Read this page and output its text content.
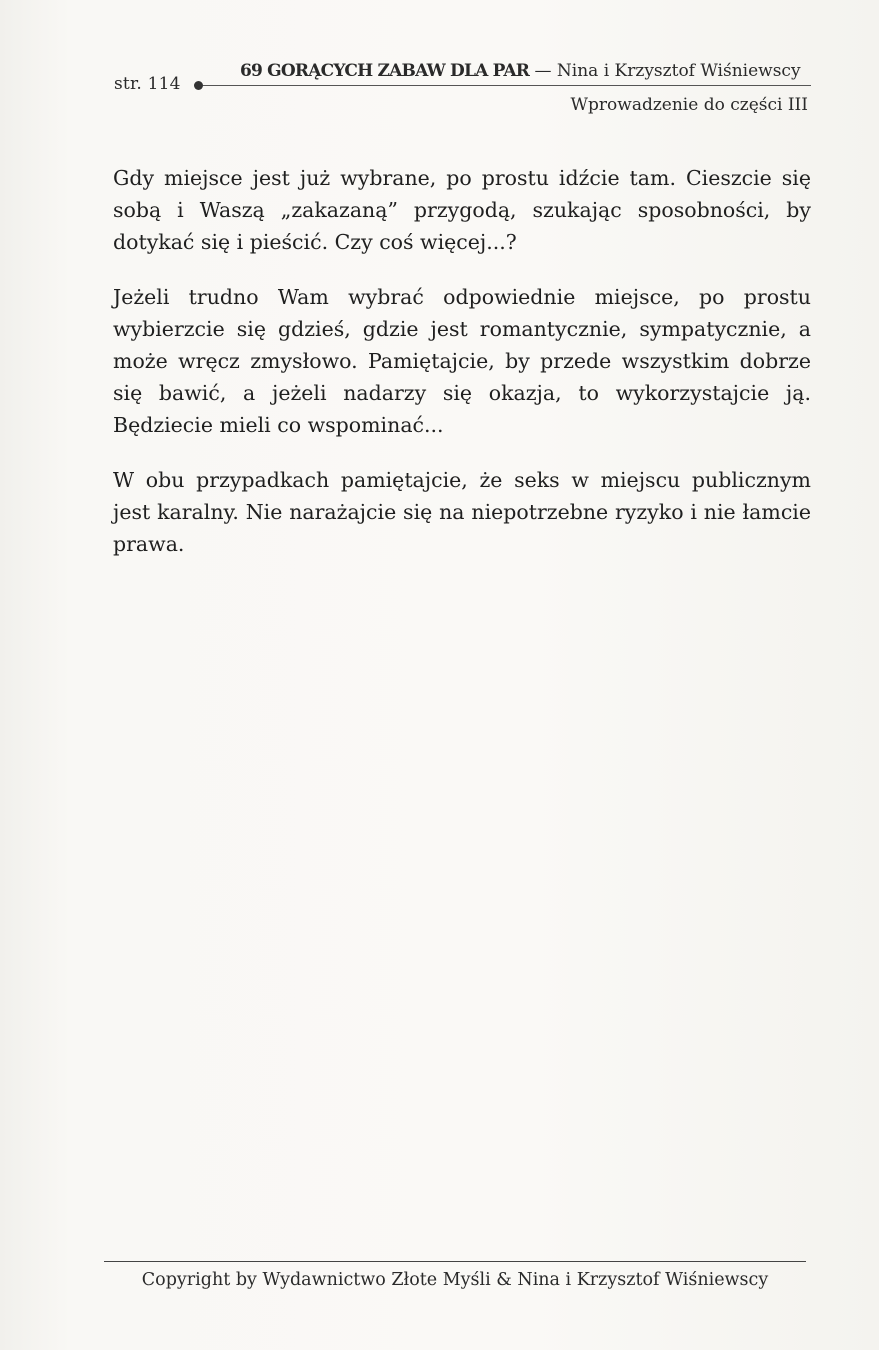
str. 114
69 GORĄCYCH ZABAW DLA PAR — Nina i Krzysztof Wiśniewscy
Wprowadzenie do części III

Gdy miejsce jest już wybrane, po prostu idźcie tam. Cieszcie się sobą i Waszą „zakazaną” przygodą, szukając sposobności, by dotykać się i pieścić. Czy coś więcej...?

Jeżeli trudno Wam wybrać odpowiednie miejsce, po prostu wybierzcie się gdzieś, gdzie jest romantycznie, sympatycznie, a może wręcz zmysłowo. Pamiętajcie, by przede wszystkim dobrze się bawić, a jeżeli nadarzy się okazja, to wykorzystajcie ją. Będziecie mieli co wspominać...

W obu przypadkach pamiętajcie, że seks w miejscu publicznym jest karalny. Nie narażajcie się na niepotrzebne ryzyko i nie łamcie prawa.

Copyright by Wydawnictwo Złote Myśli & Nina i Krzysztof Wiśniewscy
